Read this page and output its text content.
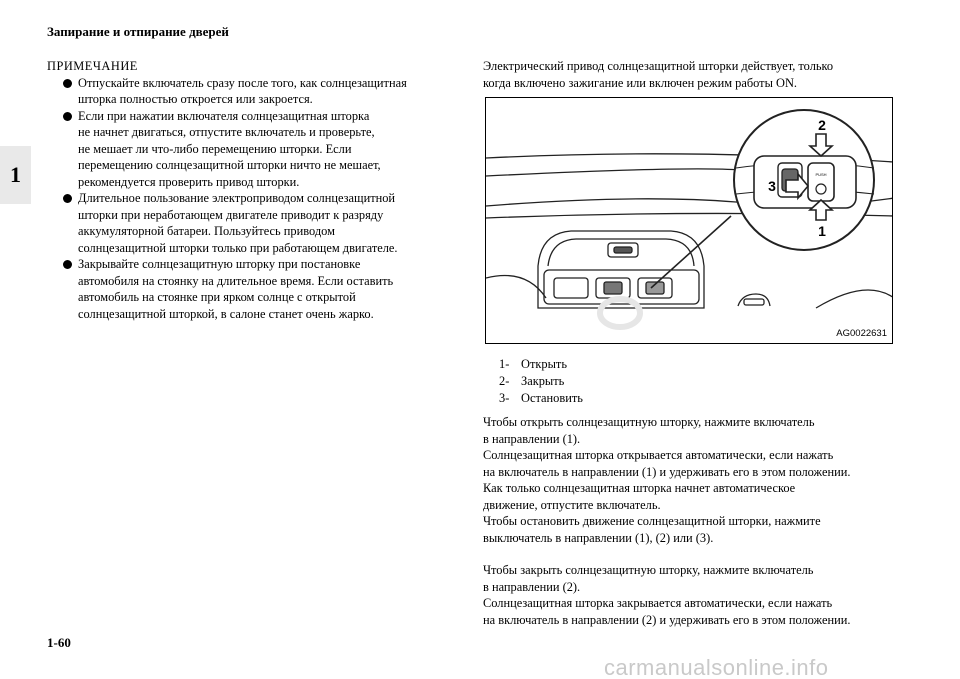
Запирание и отпирание дверей
1
ПРИМЕЧАНИЕ
Отпускайте включатель сразу после того, как солнцезащитная
шторка полностью откроется или закроется.
Если при нажатии включателя солнцезащитная шторка
не начнет двигаться, отпустите включатель и проверьте,
не мешает ли что-либо перемещению шторки. Если
перемещению солнцезащитной шторки ничто не мешает,
рекомендуется проверить привод шторки.
Длительное пользование электроприводом солнцезащитной
шторки при неработающем двигателе приводит к разряду
аккумуляторной батареи. Пользуйтесь приводом
солнцезащитной шторки только при работающем двигателе.
Закрывайте солнцезащитную шторку при постановке
автомобиля на стоянку на длительное время. Если оставить
автомобиль на стоянке при ярком солнце с открытой
солнцезащитной шторкой, в салоне станет очень жарко.
Электрический привод солнцезащитной шторки действует, только
когда включено зажигание или включен режим работы ON.
2
1
3
PUSH
AG0022631
1- Открыть
2- Закрыть
3- Остановить
Чтобы открыть солнцезащитную шторку, нажмите включатель
в направлении (1).
Солнцезащитная шторка открывается автоматически, если нажать
на включатель в направлении (1) и удерживать его в этом положении.
Как только солнцезащитная шторка начнет автоматическое
движение, отпустите включатель.
Чтобы остановить движение солнцезащитной шторки, нажмите
выключатель в направлении (1), (2) или (3).
Чтобы закрыть солнцезащитную шторку, нажмите включатель
в направлении (2).
Солнцезащитная шторка закрывается автоматически, если нажать
на включатель в направлении (2) и удерживать его в этом положении.
1-60
carmanualsonline.info
